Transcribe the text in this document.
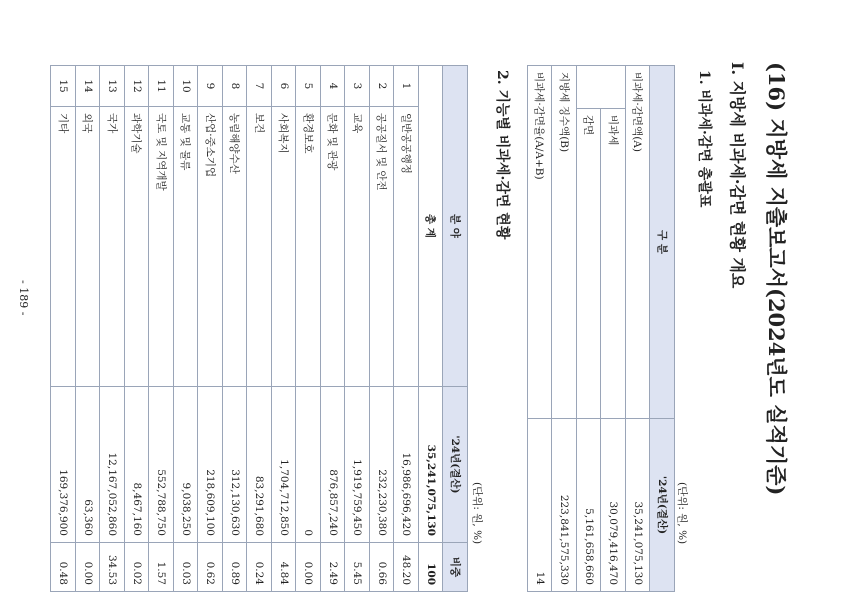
(16) 지방세 지출보고서(2024년도 실적기준)
Ⅰ. 지방세 비과세·감면 현황 개요
1. 비과세·감면 총괄표
(단위: 원, %)
구 분		'24년(결산)
비과세·감면액(A)		35,241,075,130
	비과세	30,079,416,470
	감면	5,161,658,660
지방세 징수액(B)		223,841,575,330
비과세·감면율(A/A+B)		14
2. 기능별 비과세·감면 현황
(단위: 원, %)
분 야		'24년(결산)	비중
총 계		35,241,075,130	100
1	일반공공행정	16,986,696,420	48.20
2	공공질서 및 안전	232,230,380	0.66
3	교육	1,919,759,450	5.45
4	문화 및 관광	876,857,240	2.49
5	환경보호	0	0.00
6	사회복지	1,704,712,850	4.84
7	보건	83,291,680	0.24
8	농림해양수산	312,130,630	0.89
9	산업·중소기업	218,609,100	0.62
10	교통 및 물류	9,038,250	0.03
11	국토 및 지역개발	552,788,750	1.57
12	과학기술	8,467,160	0.02
13	국가	12,167,052,860	34.53
14	외국	63,360	0.00
15	기타	169,376,900	0.48
- 189 -
